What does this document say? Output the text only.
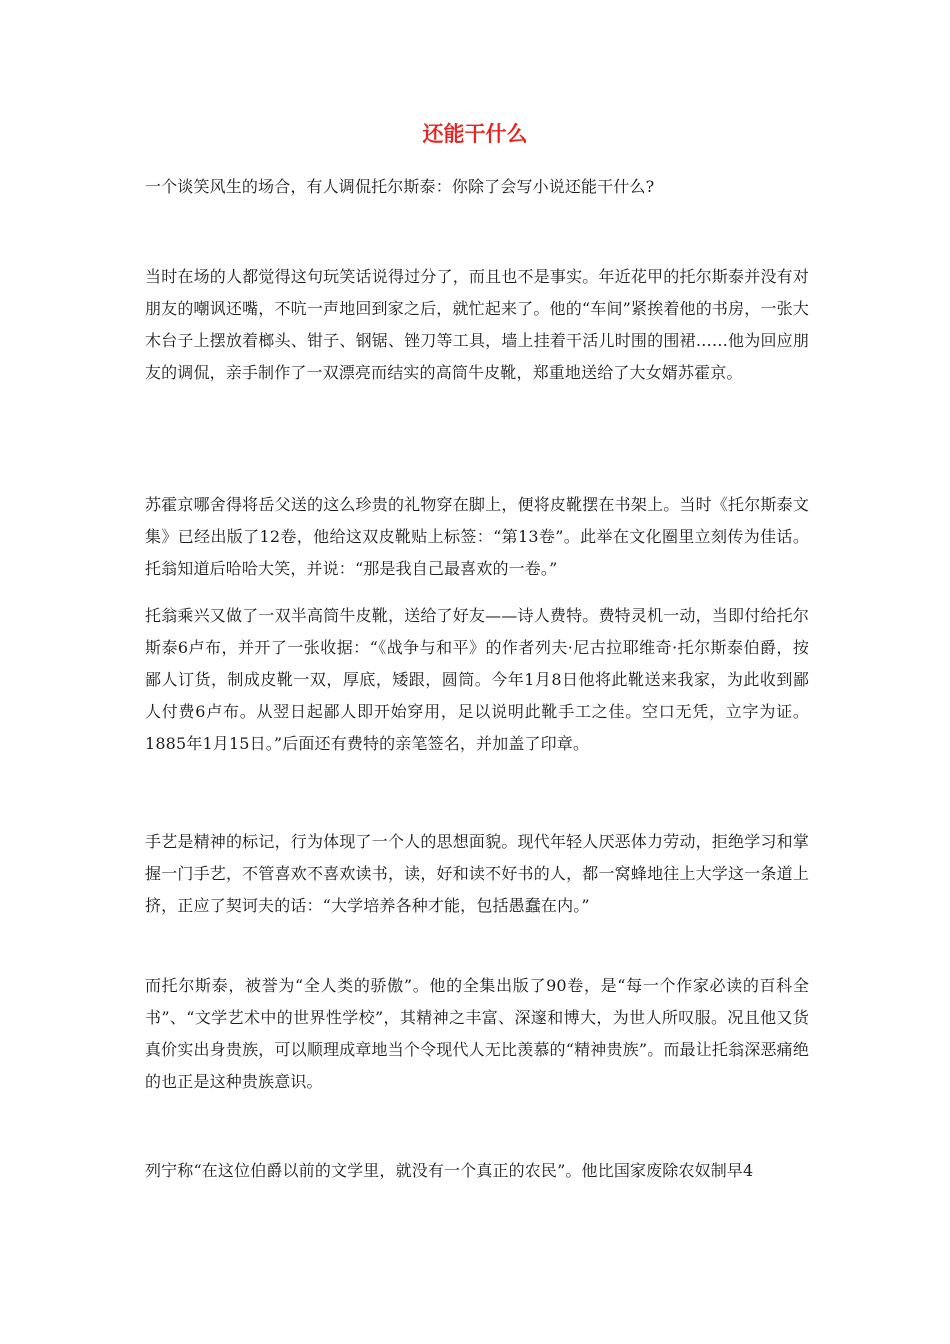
还能干什么

一个谈笑风生的场合，有人调侃托尔斯泰：你除了会写小说还能干什么?

当时在场的人都觉得这句玩笑话说得过分了，而且也不是事实。年近花甲的托尔斯泰并没有对朋友的嘲讽还嘴，不吭一声地回到家之后，就忙起来了。他的“车间”紧挨着他的书房，一张大木台子上摆放着榔头、钳子、钢锯、锉刀等工具，墙上挂着干活儿时围的围裙……他为回应朋友的调侃，亲手制作了一双漂亮而结实的高筒牛皮靴，郑重地送给了大女婿苏霍京。

苏霍京哪舍得将岳父送的这么珍贵的礼物穿在脚上，便将皮靴摆在书架上。当时《托尔斯泰文集》已经出版了12卷，他给这双皮靴贴上标签：“第13卷”。此举在文化圈里立刻传为佳话。托翁知道后哈哈大笑，并说：“那是我自己最喜欢的一卷。”

托翁乘兴又做了一双半高筒牛皮靴，送给了好友——诗人费特。费特灵机一动，当即付给托尔斯泰6卢布，并开了一张收据：“《战争与和平》的作者列夫·尼古拉耶维奇·托尔斯泰伯爵，按鄙人订货，制成皮靴一双，厚底，矮跟，圆筒。今年1月8日他将此靴送来我家，为此收到鄙人付费6卢布。从翌日起鄙人即开始穿用，足以说明此靴手工之佳。空口无凭，立字为证。1885年1月15日。”后面还有费特的亲笔签名，并加盖了印章。

手艺是精神的标记，行为体现了一个人的思想面貌。现代年轻人厌恶体力劳动，拒绝学习和掌握一门手艺，不管喜欢不喜欢读书，读，好和读不好书的人，都一窝蜂地往上大学这一条道上挤，正应了契诃夫的话：“大学培养各种才能，包括愚蠢在内。”

而托尔斯泰，被誉为“全人类的骄傲”。他的全集出版了90卷，是“每一个作家必读的百科全书”、“文学艺术中的世界性学校”，其精神之丰富、深邃和博大，为世人所叹服。况且他又货真价实出身贵族，可以顺理成章地当个令现代人无比羡慕的“精神贵族”。而最让托翁深恶痛绝的也正是这种贵族意识。

列宁称“在这位伯爵以前的文学里，就没有一个真正的农民”。他比国家废除农奴制早4
